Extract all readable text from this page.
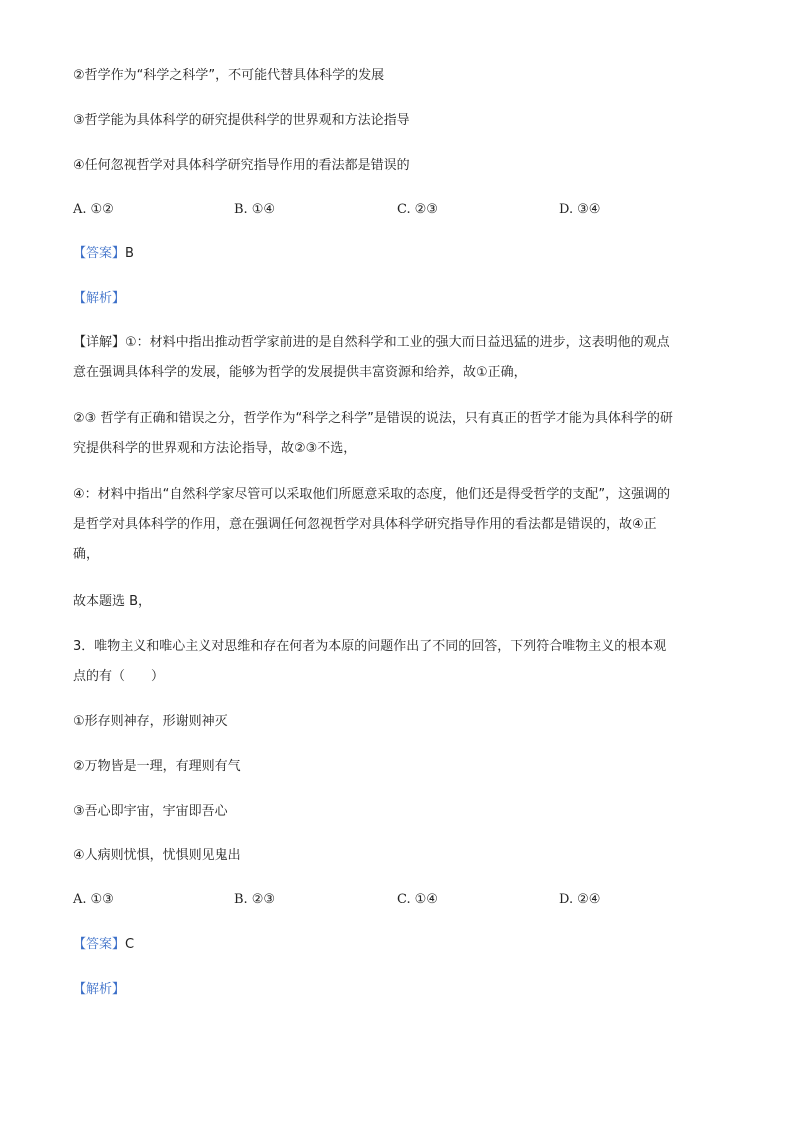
②哲学作为“科学之科学”，不可能代替具体科学的发展
③哲学能为具体科学的研究提供科学的世界观和方法论指导
④任何忽视哲学对具体科学研究指导作用的看法都是错误的
A. ①②	B. ①④	C. ②③	D. ③④
【答案】B
【解析】
【详解】①：材料中指出推动哲学家前进的是自然科学和工业的强大而日益迅猛的进步，这表明他的观点
意在强调具体科学的发展，能够为哲学的发展提供丰富资源和给养，故①正确，
②③ 哲学有正确和错误之分，哲学作为“科学之科学”是错误的说法，只有真正的哲学才能为具体科学的研
究提供科学的世界观和方法论指导，故②③不选，
④：材料中指出“自然科学家尽管可以采取他们所愿意采取的态度，他们还是得受哲学的支配”，这强调的
是哲学对具体科学的作用，意在强调任何忽视哲学对具体科学研究指导作用的看法都是错误的，故④正
确，
故本题选 B，
3．唯物主义和唯心主义对思维和存在何者为本原的问题作出了不同的回答，下列符合唯物主义的根本观
点的有（　　）
①形存则神存，形谢则神灭
②万物皆是一理，有理则有气
③吾心即宇宙，宇宙即吾心
④人病则忧惧，忧惧则见鬼出
A. ①③	B. ②③	C. ①④	D. ②④
【答案】C
【解析】
